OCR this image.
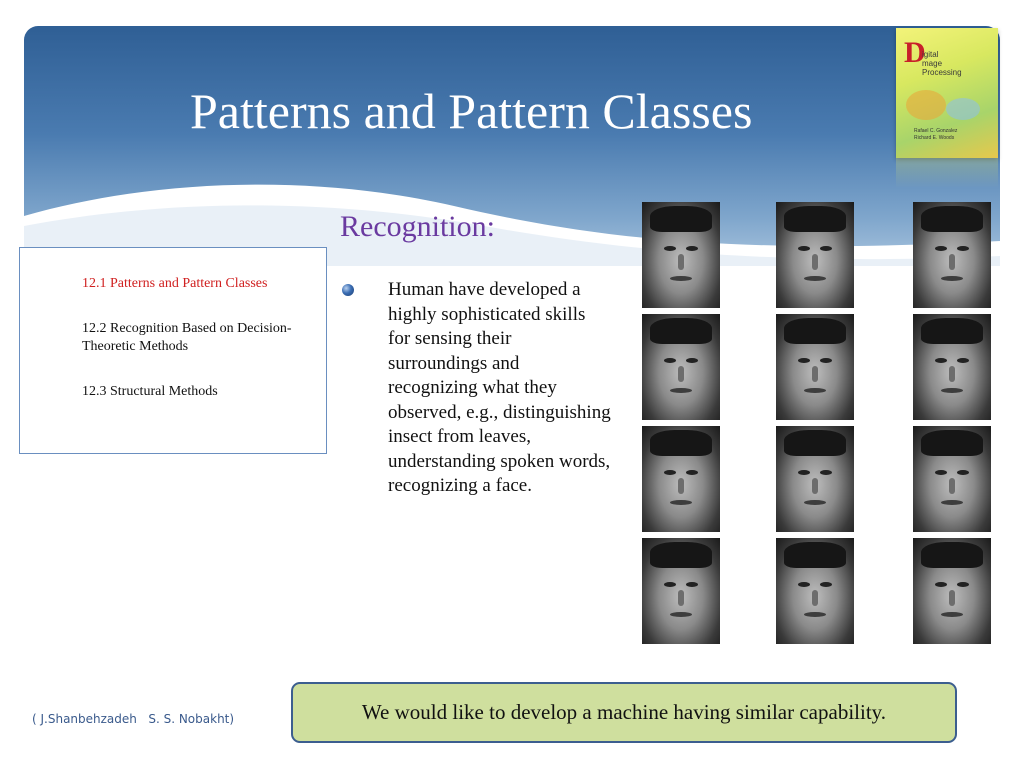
Patterns and Pattern Classes
D
igital
mage
Processing
Rafael C. Gonzalez
Richard E. Woods
Recognition:
12.1 Patterns and Pattern Classes
12.2 Recognition Based on Decision-Theoretic Methods
12.3 Structural Methods
Human have developed a highly sophisticated skills for sensing their surroundings and recognizing what they observed, e.g., distinguishing insect from leaves, understanding spoken words, recognizing a face.
We would like to develop a machine having similar capability.
( J.Shanbehzadeh   S. S. Nobakht)
